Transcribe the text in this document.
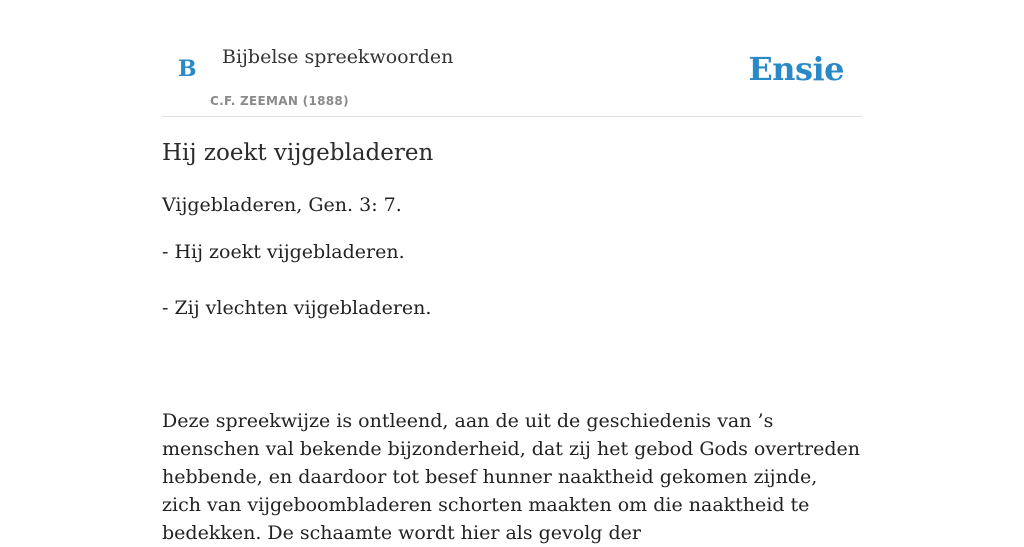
B Bijbelse spreekwoorden
C.F. ZEEMAN (1888)
Ensie
Hij zoekt vijgebladeren
Vijgebladeren, Gen. 3: 7.
- Hij zoekt vijgebladeren.
- Zij vlechten vijgebladeren.

Deze spreekwijze is ontleend, aan de uit de geschiedenis van ’s menschen val bekende bijzonderheid, dat zij het gebod Gods overtreden hebbende, en daardoor tot besef hunner naaktheid gekomen zijnde, zich van vijgeboombladeren schorten maakten om die naaktheid te bedekken. De schaamte wordt hier als gevolg der
